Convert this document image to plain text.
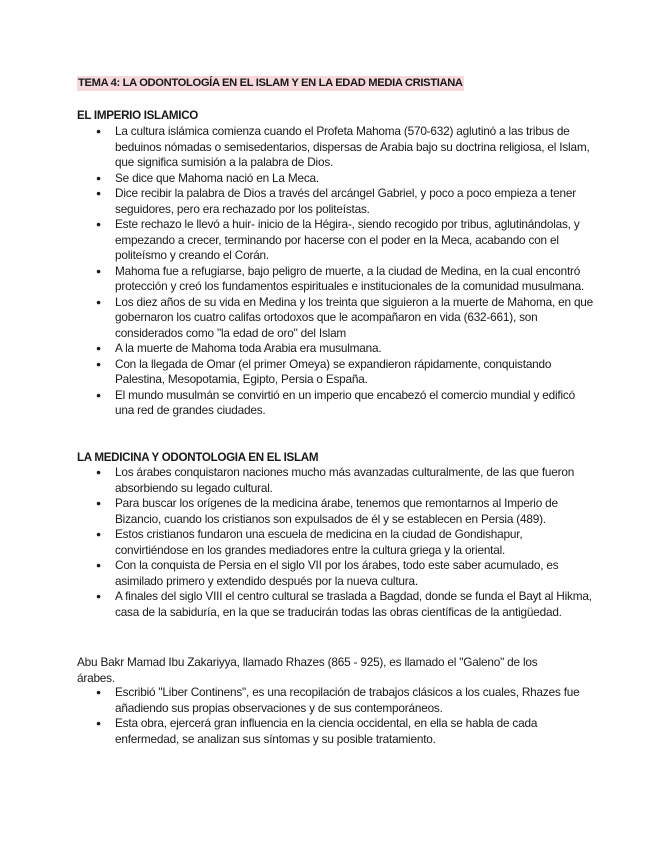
TEMA 4: LA ODONTOLOGÍA EN EL ISLAM Y EN LA EDAD MEDIA CRISTIANA
EL IMPERIO ISLAMICO
● La cultura islámica comienza cuando el Profeta Mahoma (570-632) aglutinó a las tribus de beduinos nómadas o semisedentarios, dispersas de Arabia bajo su doctrina religiosa, el Islam, que significa sumisión a la palabra de Dios.
● Se dice que Mahoma nació en La Meca.
● Dice recibir la palabra de Dios a través del arcángel Gabriel, y poco a poco empieza a tener seguidores, pero era rechazado por los politeístas.
● Este rechazo le llevó a huir- inicio de la Hégira-, siendo recogido por tribus, aglutinándolas, y empezando a crecer, terminando por hacerse con el poder en la Meca, acabando con el politeísmo y creando el Corán.
● Mahoma fue a refugiarse, bajo peligro de muerte, a la ciudad de Medina, en la cual encontró protección y creó los fundamentos espirituales e institucionales de la comunidad musulmana.
● Los diez años de su vida en Medina y los treinta que siguieron a la muerte de Mahoma, en que gobernaron los cuatro califas ortodoxos que le acompañaron en vida (632-661), son considerados como "la edad de oro" del Islam
● A la muerte de Mahoma toda Arabia era musulmana.
● Con la llegada de Omar (el primer Omeya) se expandieron rápidamente, conquistando Palestina, Mesopotamia, Egipto, Persia o España.
● El mundo musulmán se convirtió en un imperio que encabezó el comercio mundial y edificó una red de grandes ciudades.
LA MEDICINA Y ODONTOLOGIA EN EL ISLAM
● Los árabes conquistaron naciones mucho más avanzadas culturalmente, de las que fueron absorbiendo su legado cultural.
● Para buscar los orígenes de la medicina árabe, tenemos que remontarnos al Imperio de Bizancio, cuando los cristianos son expulsados de él y se establecen en Persia (489).
● Estos cristianos fundaron una escuela de medicina en la ciudad de Gondishapur, convirtiéndose en los grandes mediadores entre la cultura griega y la oriental.
● Con la conquista de Persia en el siglo VII por los árabes, todo este saber acumulado, es asimilado primero y extendido después por la nueva cultura.
● A finales del siglo VIII el centro cultural se traslada a Bagdad, donde se funda el Bayt al Hikma, casa de la sabiduría, en la que se traducirán todas las obras científicas de la antigüedad.

Abu Bakr Mamad Ibu Zakariyya, llamado Rhazes (865 - 925), es llamado el "Galeno" de los árabes.

● Escribió "Liber Continens", es una recopilación de trabajos clásicos a los cuales, Rhazes fue añadiendo sus propias observaciones y de sus contemporáneos.
● Esta obra, ejercerá gran influencia en la ciencia occidental, en ella se habla de cada enfermedad, se analizan sus síntomas y su posible tratamiento.
